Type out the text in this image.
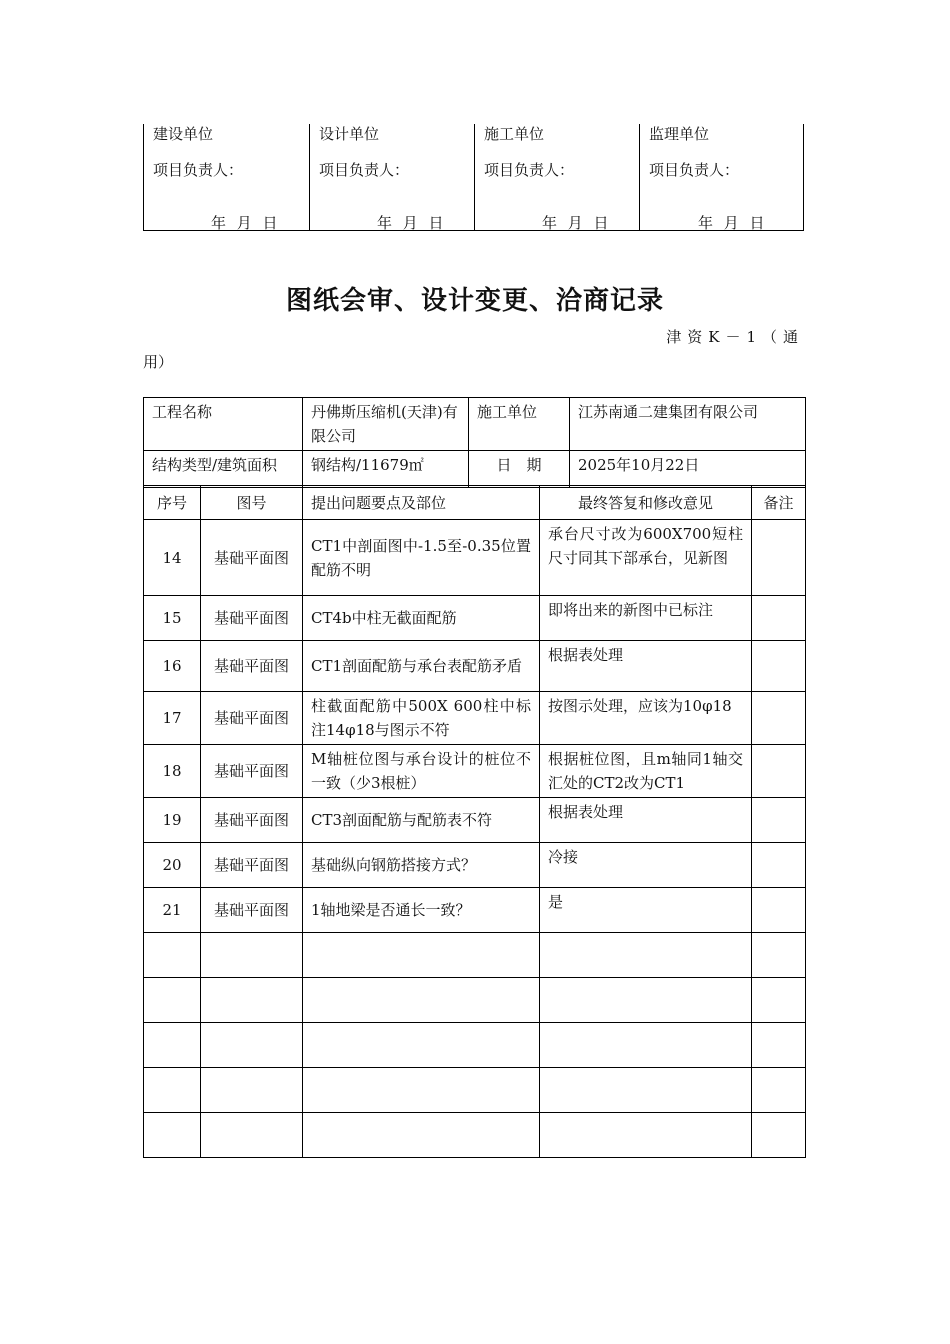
建设单位
项目负责人：
年 月 日
设计单位
项目负责人：
年 月 日
施工单位
项目负责人：
年 月 日
监理单位
项目负责人：
年 月 日
图纸会审、设计变更、洽商记录
津资K－1（通
用）
工程名称	丹佛斯压缩机(天津)有限公司	施工单位	江苏南通二建集团有限公司
结构类型/建筑面积	钢结构/11679㎡	日　期	2025年10月22日
序号	图号	提出问题要点及部位	最终答复和修改意见	备注
14	基础平面图	CT1中剖面图中-1.5至-0.35位置配筋不明	承台尺寸改为600X700短柱尺寸同其下部承台，见新图	
15	基础平面图	CT4b中柱无截面配筋	即将出来的新图中已标注	
16	基础平面图	CT1剖面配筋与承台表配筋矛盾	根据表处理	
17	基础平面图	柱截面配筋中500X 600柱中标注14φ18与图示不符	按图示处理，应该为10φ18	
18	基础平面图	M轴桩位图与承台设计的桩位不一致（少3根桩）	根据桩位图，且m轴同1轴交汇处的CT2改为CT1	
19	基础平面图	CT3剖面配筋与配筋表不符	根据表处理	
20	基础平面图	基础纵向钢筋搭接方式？	冷接	
21	基础平面图	1轴地梁是否通长一致？	是	
